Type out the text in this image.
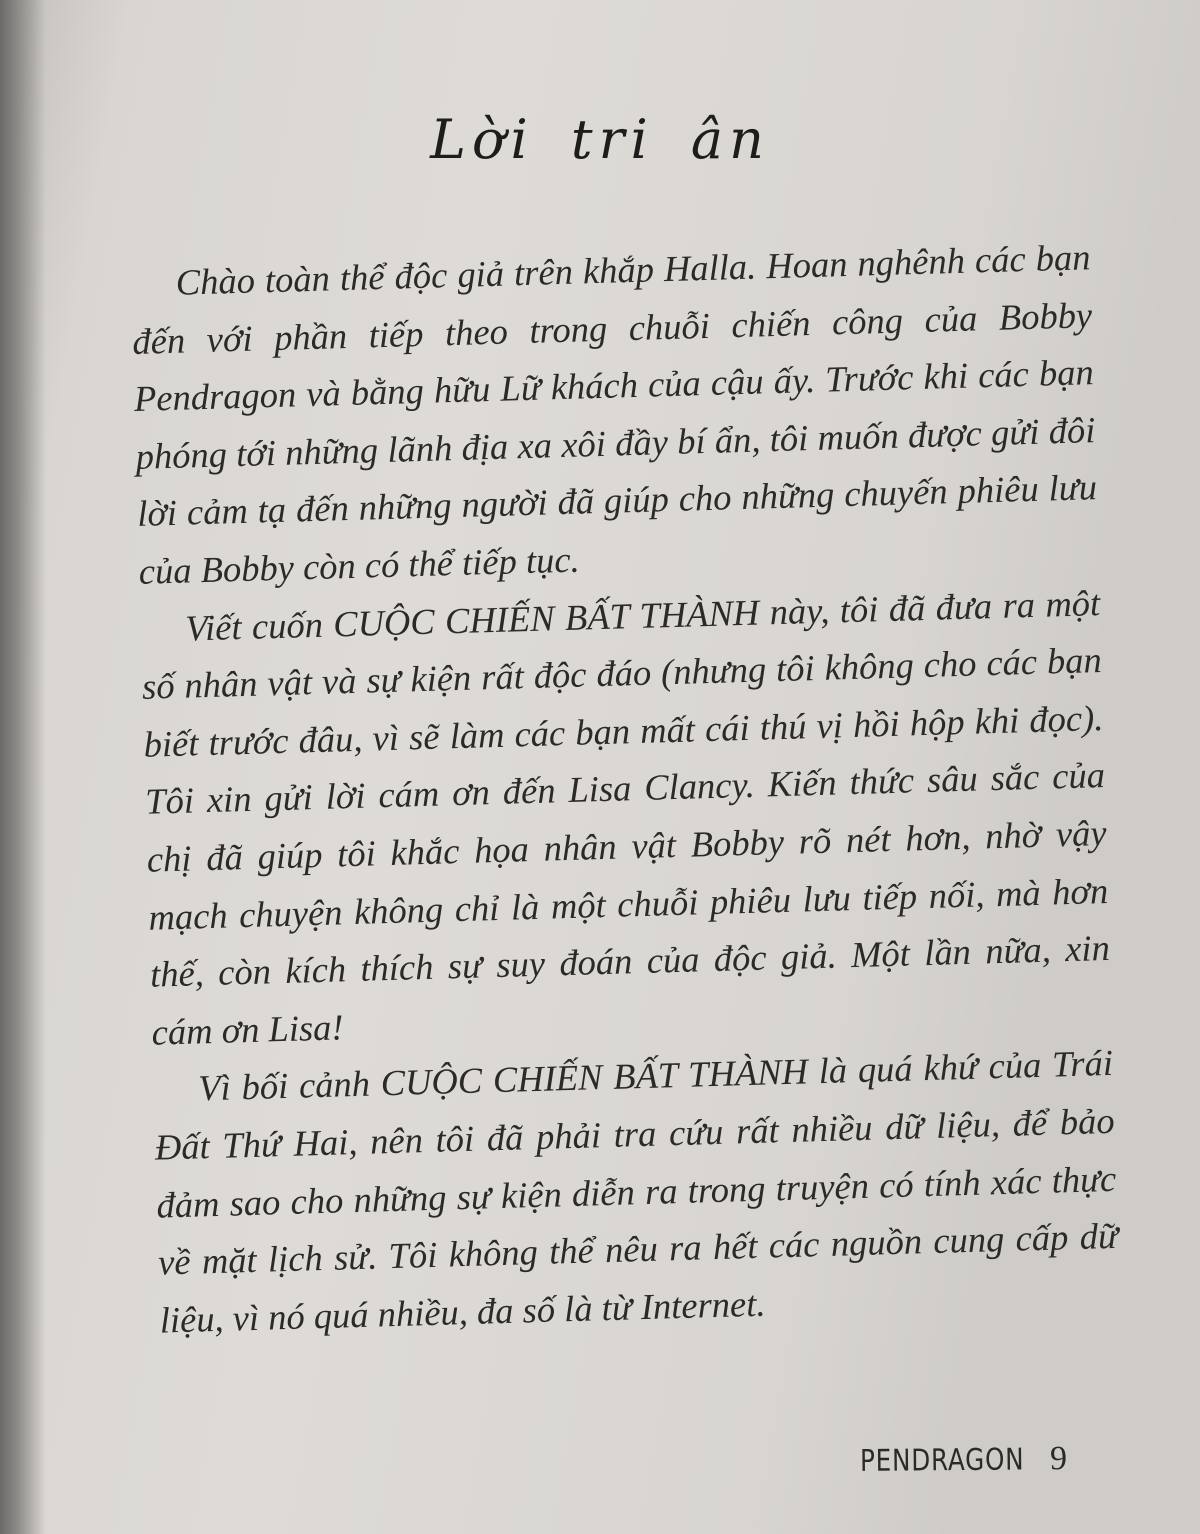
Lời tri ân

Chào toàn thể độc giả trên khắp Halla. Hoan nghênh các bạn đến với phần tiếp theo trong chuỗi chiến công của Bobby Pendragon và bằng hữu Lữ khách của cậu ấy. Trước khi các bạn phóng tới những lãnh địa xa xôi đầy bí ẩn, tôi muốn được gửi đôi lời cảm tạ đến những người đã giúp cho những chuyến phiêu lưu của Bobby còn có thể tiếp tục.

Viết cuốn CUỘC CHIẾN BẤT THÀNH này, tôi đã đưa ra một số nhân vật và sự kiện rất độc đáo (nhưng tôi không cho các bạn biết trước đâu, vì sẽ làm các bạn mất cái thú vị hồi hộp khi đọc). Tôi xin gửi lời cám ơn đến Lisa Clancy. Kiến thức sâu sắc của chị đã giúp tôi khắc họa nhân vật Bobby rõ nét hơn, nhờ vậy mạch chuyện không chỉ là một chuỗi phiêu lưu tiếp nối, mà hơn thế, còn kích thích sự suy đoán của độc giả. Một lần nữa, xin cám ơn Lisa!

Vì bối cảnh CUỘC CHIẾN BẤT THÀNH là quá khứ của Trái Đất Thứ Hai, nên tôi đã phải tra cứu rất nhiều dữ liệu, để bảo đảm sao cho những sự kiện diễn ra trong truyện có tính xác thực về mặt lịch sử. Tôi không thể nêu ra hết các nguồn cung cấp dữ liệu, vì nó quá nhiều, đa số là từ Internet.

PENDRAGON 9
